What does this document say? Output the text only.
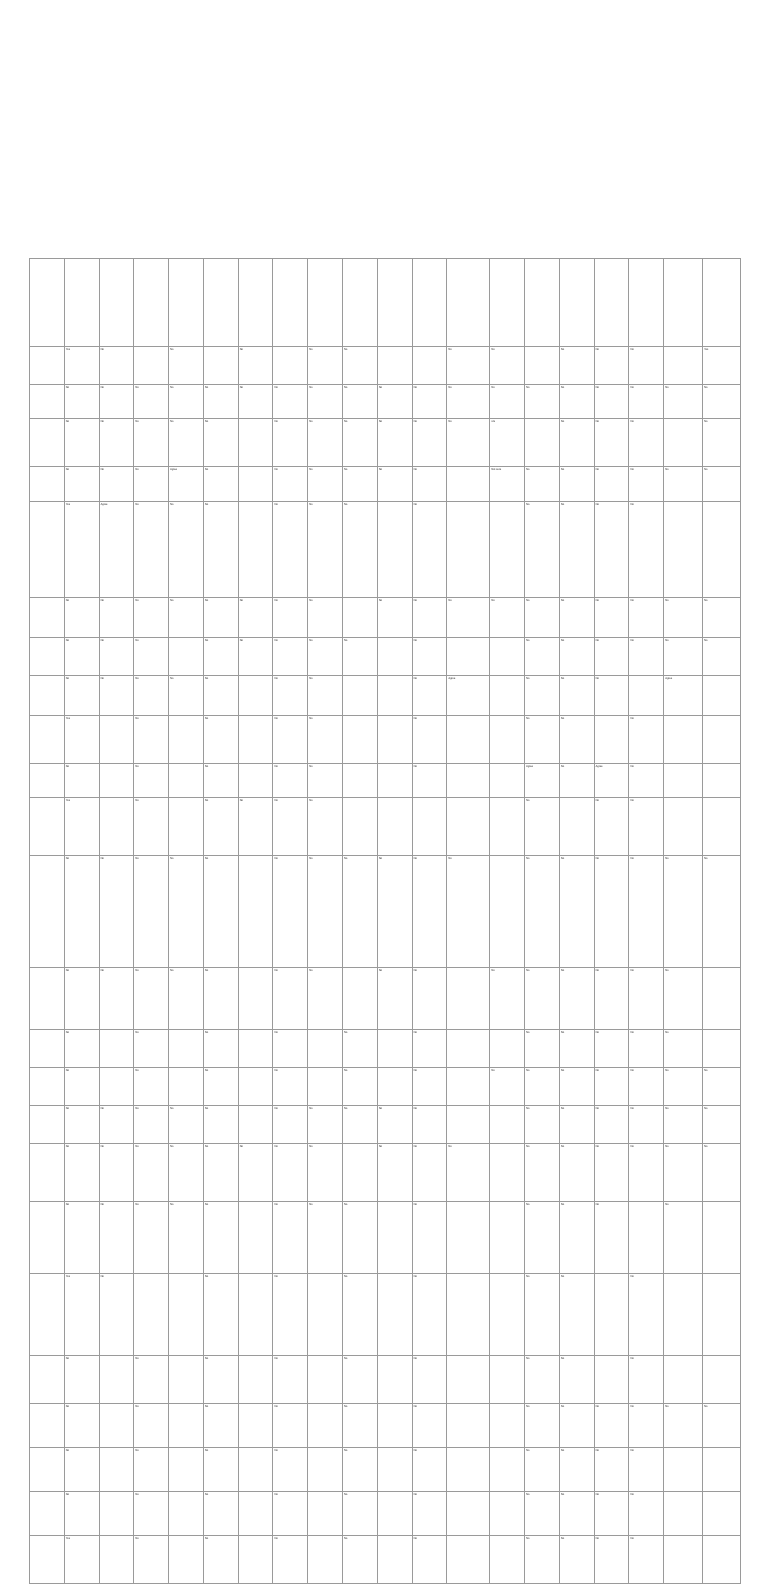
	Yes	No		No		No		No	No			No	No		No	No	No		Yes
	No	No	No	No	No	No	No	No	No	No	No	No	No	No	No	No	No	No	No
	No	No	No	No	No		No	No	No	No	No	No	n/a		No	No	No		No
	No	No	No	Agree	No		No	No	No	No	No		Not sure	No	No	No	No	No	No
	Yes	Agree	No	No	No		No	No	No		No			No	No	No	No		
	No	No	No	No	No	No	No	No		No	No	No	No	No	No	No	No	No	No
	No	No	No		No	No	No	No	No		No			No	No	No	No	No	No
	No	No	No	No	No		No	No			No	Agree		No	No	No		Agree	
	Yes		No		No		No	No			No			No	No		No		
	No		No		No		No	No			No			Agree	No	Agree	No		
	Yes		No		No	No	No	No						No		No	No		
	No	No	No	No	No		No	No	No	No	No	No		No	No	No	No	No	No
	No	No	No	No	No		No	No		No	No		No	No	No	No	No	No	
	No		No		No		No		No		No			No	No	No	No	No	
	No		No		No		No		No		No		No	No	No	No	No	No	No
	No	No	No	No	No		No	No	No	No	No			No	No	No	No	No	No
	No	No	No	No	No	No	No	No		No	No	No		No	No	No	No	No	No
	No	No	No	No	No		No	No	No		No			No	No	No		No	
	Yes	No			No		No		No		No			No	No		No		
	No		No		No		No		No		No			No	No		No		
	No		No		No		No		No		No			No	No	No	No	No	No
	No		No		No		No		No		No			No	No	No	No		
	No		No		No		No		No		No			No	No	No	No		
	Yes		No		No		No		No		No			No	No	No	No		
